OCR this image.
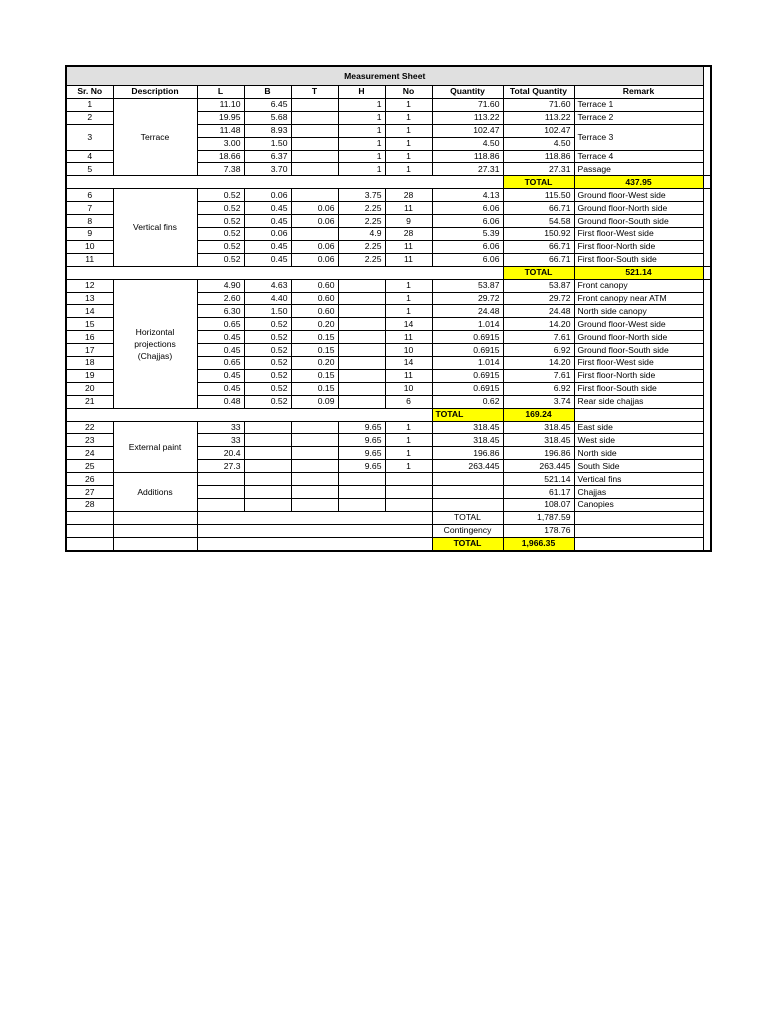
Measurement Sheet										
Sr. No	Description	L	B	T	H	No	Quantity	Total Quantity	Remark	
1	Terrace	11.10	6.45		1	1	71.60	71.60	Terrace 1	
2		19.95	5.68		1	1	113.22	113.22	Terrace 2	
3		11.48	8.93		1	1	102.47	102.47	Terrace 3	
		3.00	1.50		1	1	4.50	4.50		
4		18.66	6.37		1	1	118.86	118.86	Terrace 4	
5		7.38	3.70		1	1	27.31	27.31	Passage	
								TOTAL	437.95	
6	Vertical fins	0.52	0.06		3.75	28	4.13	115.50	Ground floor-West side	
7		0.52	0.45	0.06	2.25	11	6.06	66.71	Ground floor-North side	
8		0.52	0.45	0.06	2.25	9	6.06	54.58	Ground floor-South side	
9		0.52	0.06		4.9	28	5.39	150.92	First floor-West side	
10		0.52	0.45	0.06	2.25	11	6.06	66.71	First floor-North side	
11		0.52	0.45	0.06	2.25	11	6.06	66.71	First floor-South side	
								TOTAL	521.14	
12	Horizontal projections (Chajjas)	4.90	4.63	0.60		1	53.87	53.87	Front canopy	
13		2.60	4.40	0.60		1	29.72	29.72	Front canopy near ATM	
14		6.30	1.50	0.60		1	24.48	24.48	North side canopy	
15		0.65	0.52	0.20		14	1.014	14.20	Ground floor-West side	
16		0.45	0.52	0.15		11	0.6915	7.61	Ground floor-North side	
17		0.45	0.52	0.15		10	0.6915	6.92	Ground floor-South side	
18		0.65	0.52	0.20		14	1.014	14.20	First floor-West side	
19		0.45	0.52	0.15		11	0.6915	7.61	First floor-North side	
20		0.45	0.52	0.15		10	0.6915	6.92	First floor-South side	
21		0.48	0.52	0.09		6	0.62	3.74	Rear side chajjas	
							TOTAL	169.24		
22	External paint	33			9.65	1	318.45	318.45	East side	
23		33			9.65	1	318.45	318.45	West side	
24		20.4			9.65	1	196.86	196.86	North side	
25		27.3			9.65	1	263.445	263.445	South Side	
26	Additions							521.14	Vertical fins	
27								61.17	Chajjas	
28								108.07	Canopies	
							TOTAL	1,787.59		
							Contingency	178.76		
							TOTAL	1,966.35		
